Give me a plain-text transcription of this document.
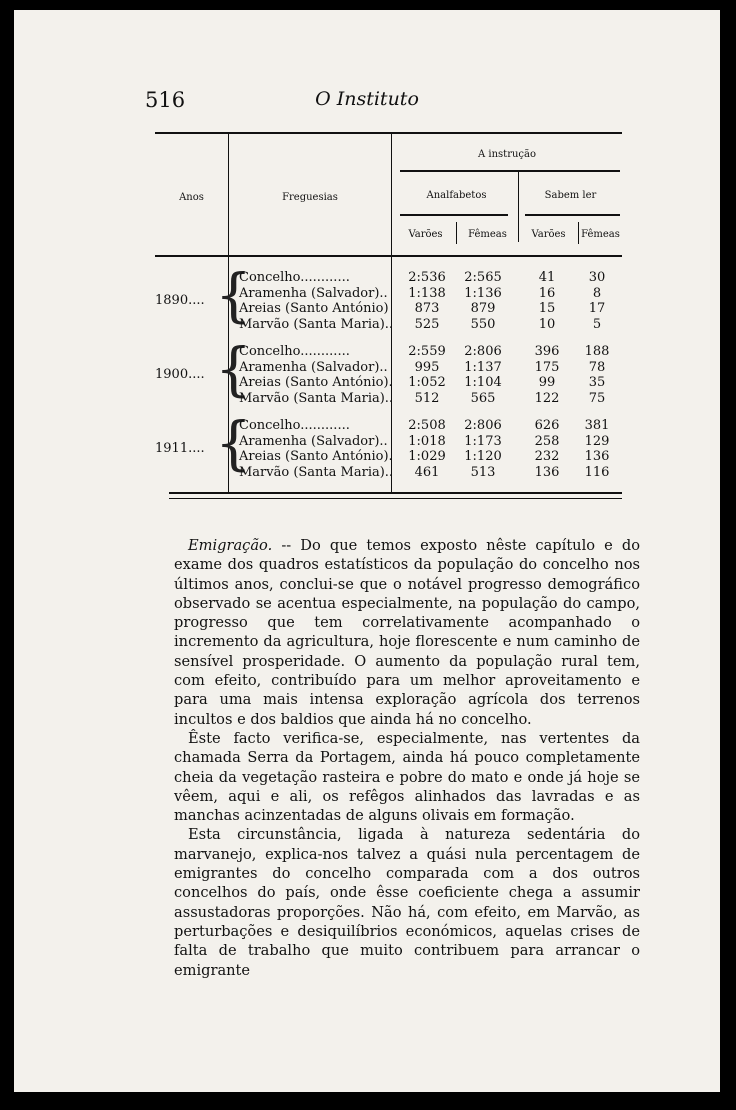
516	O Instituto
Anos	Freguesias
A instrução
Analfabetos	Sabem ler
Varões	Fêmeas	Varões	Fêmeas
1890.... {
Concelho............	2:536	2:565	41	30
Aramenha (Salvador)..	1:138	1:136	16	8
Areias (Santo António)	873	879	15	17
Marvão (Santa Maria)..	525	550	10	5
1900.... {
Concelho............	2:559	2:806	396	188
Aramenha (Salvador)..	995	1:137	175	78
Areias (Santo António).	1:052	1:104	99	35
Marvão (Santa Maria)..	512	565	122	75
1911.... {
Concelho............	2:508	2:806	626	381
Aramenha (Salvador)..	1:018	1:173	258	129
Areias (Santo António).	1:029	1:120	232	136
Marvão (Santa Maria)..	461	513	136	116

Emigração. -- Do que temos exposto nêste capítulo e do exame dos quadros estatísticos da população do concelho nos últimos anos, conclui-se que o notável progresso demográfico observado se acentua especialmente, na população do campo, progresso que tem correlativamente acompanhado o incremento da agricultura, hoje florescente e num caminho de sensível prosperidade. O aumento da população rural tem, com efeito, contribuído para um melhor aproveitamento e para uma mais intensa exploração agrícola dos terrenos incultos e dos baldios que ainda há no concelho.

Êste facto verifica-se, especialmente, nas vertentes da chamada Serra da Portagem, ainda há pouco completamente cheia da vegetação rasteira e pobre do mato e onde já hoje se vêem, aqui e ali, os refêgos alinhados das lavradas e as manchas acinzentadas de alguns olivais em formação.

Esta circunstância, ligada à natureza sedentária do marvanejo, explica-nos talvez a quási nula percentagem de emigrantes do concelho comparada com a dos outros concelhos do país, onde êsse coeficiente chega a assumir assustadoras proporções. Não há, com efeito, em Marvão, as perturbações e desiquilíbrios económicos, aquelas crises de falta de trabalho que muito contribuem para arrancar o emigrante
